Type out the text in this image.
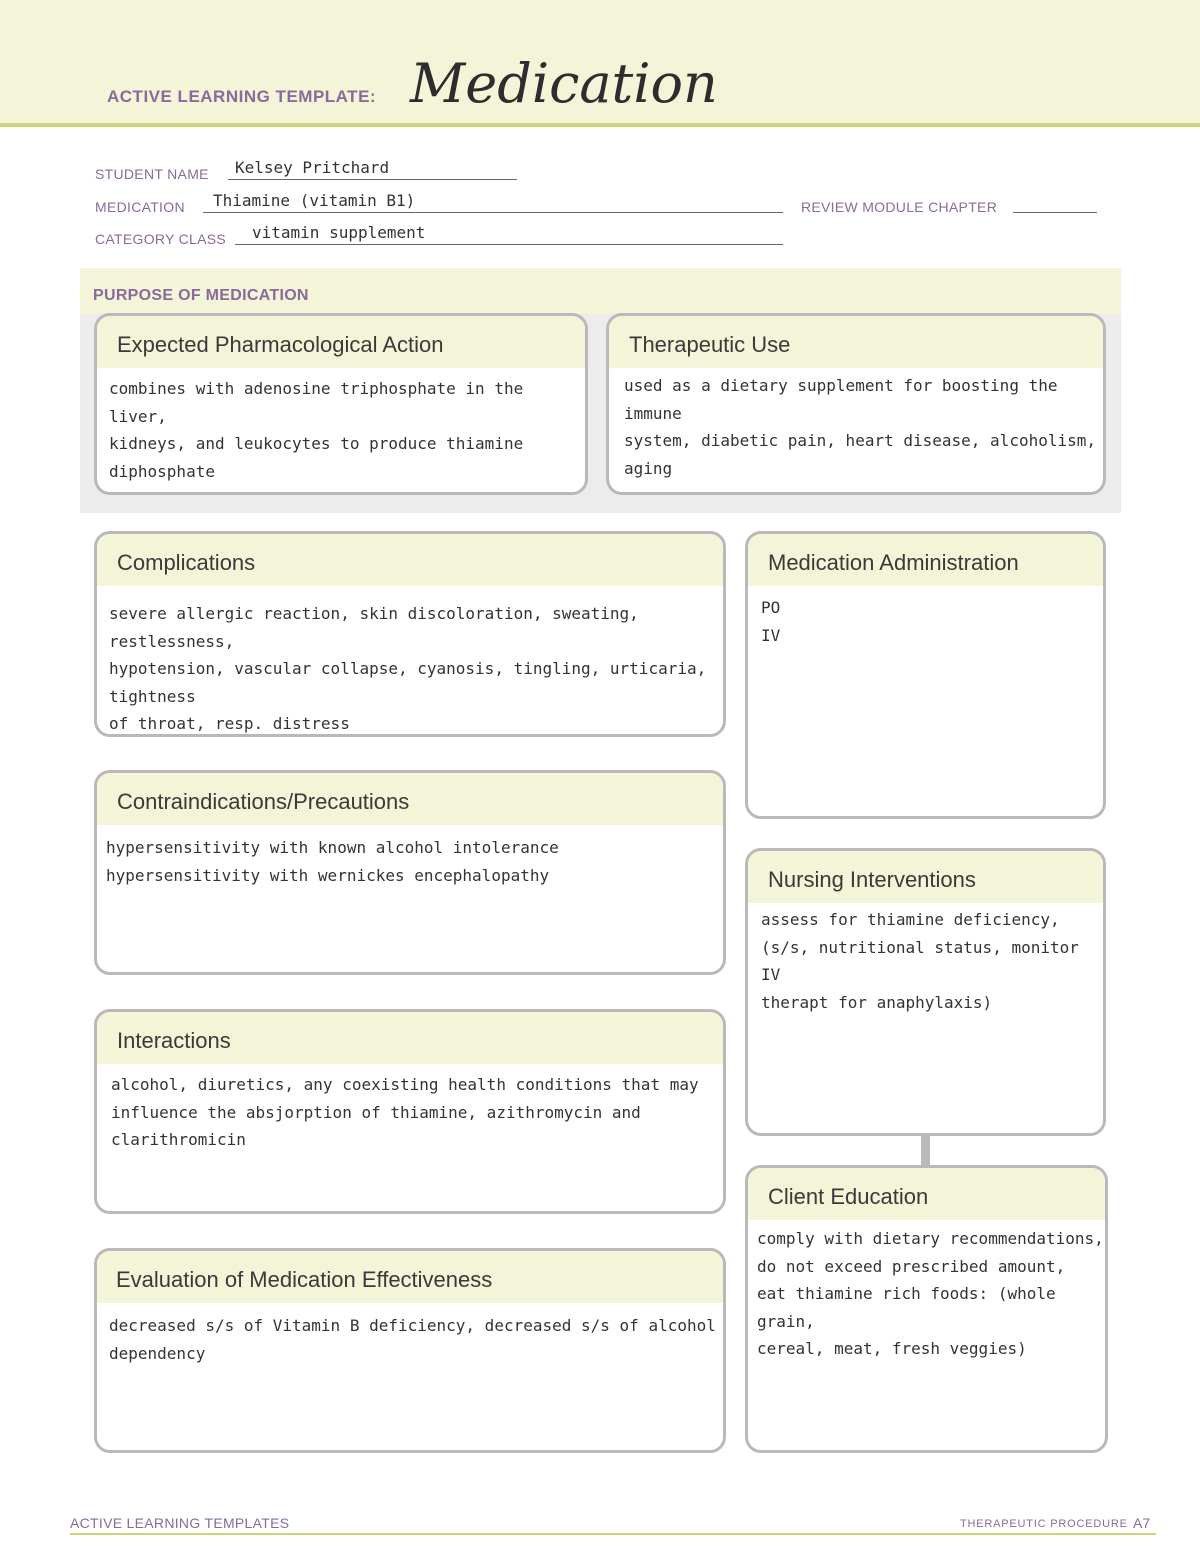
ACTIVE LEARNING TEMPLATE: Medication
STUDENT NAME Kelsey Pritchard
MEDICATION Thiamine (vitamin B1)	REVIEW MODULE CHAPTER
CATEGORY CLASS vitamin supplement
PURPOSE OF MEDICATION
Expected Pharmacological Action
combines with adenosine triphosphate in the liver,
kidneys, and leukocytes to produce thiamine
diphosphate
Therapeutic Use
used as a dietary supplement for boosting the immune
system, diabetic pain, heart disease, alcoholism, aging
Complications
severe allergic reaction, skin discoloration, sweating, restlessness,
hypotension, vascular collapse, cyanosis, tingling, urticaria, tightness
of throat, resp. distress
Contraindications/Precautions
hypersensitivity with known alcohol intolerance
hypersensitivity with wernickes encephalopathy
Interactions
alcohol, diuretics, any coexisting health conditions that may
influence the absjorption of thiamine, azithromycin and clarithromicin
Evaluation of Medication Effectiveness
decreased s/s of Vitamin B deficiency, decreased s/s of alcohol
dependency
Medication Administration
PO
IV
Nursing Interventions
assess for thiamine deficiency,
(s/s, nutritional status, monitor IV
therapt for anaphylaxis)
Client Education
comply with dietary recommendations,
do not exceed prescribed amount,
eat thiamine rich foods: (whole grain,
cereal, meat, fresh veggies)
ACTIVE LEARNING TEMPLATES	THERAPEUTIC PROCEDURE A7
